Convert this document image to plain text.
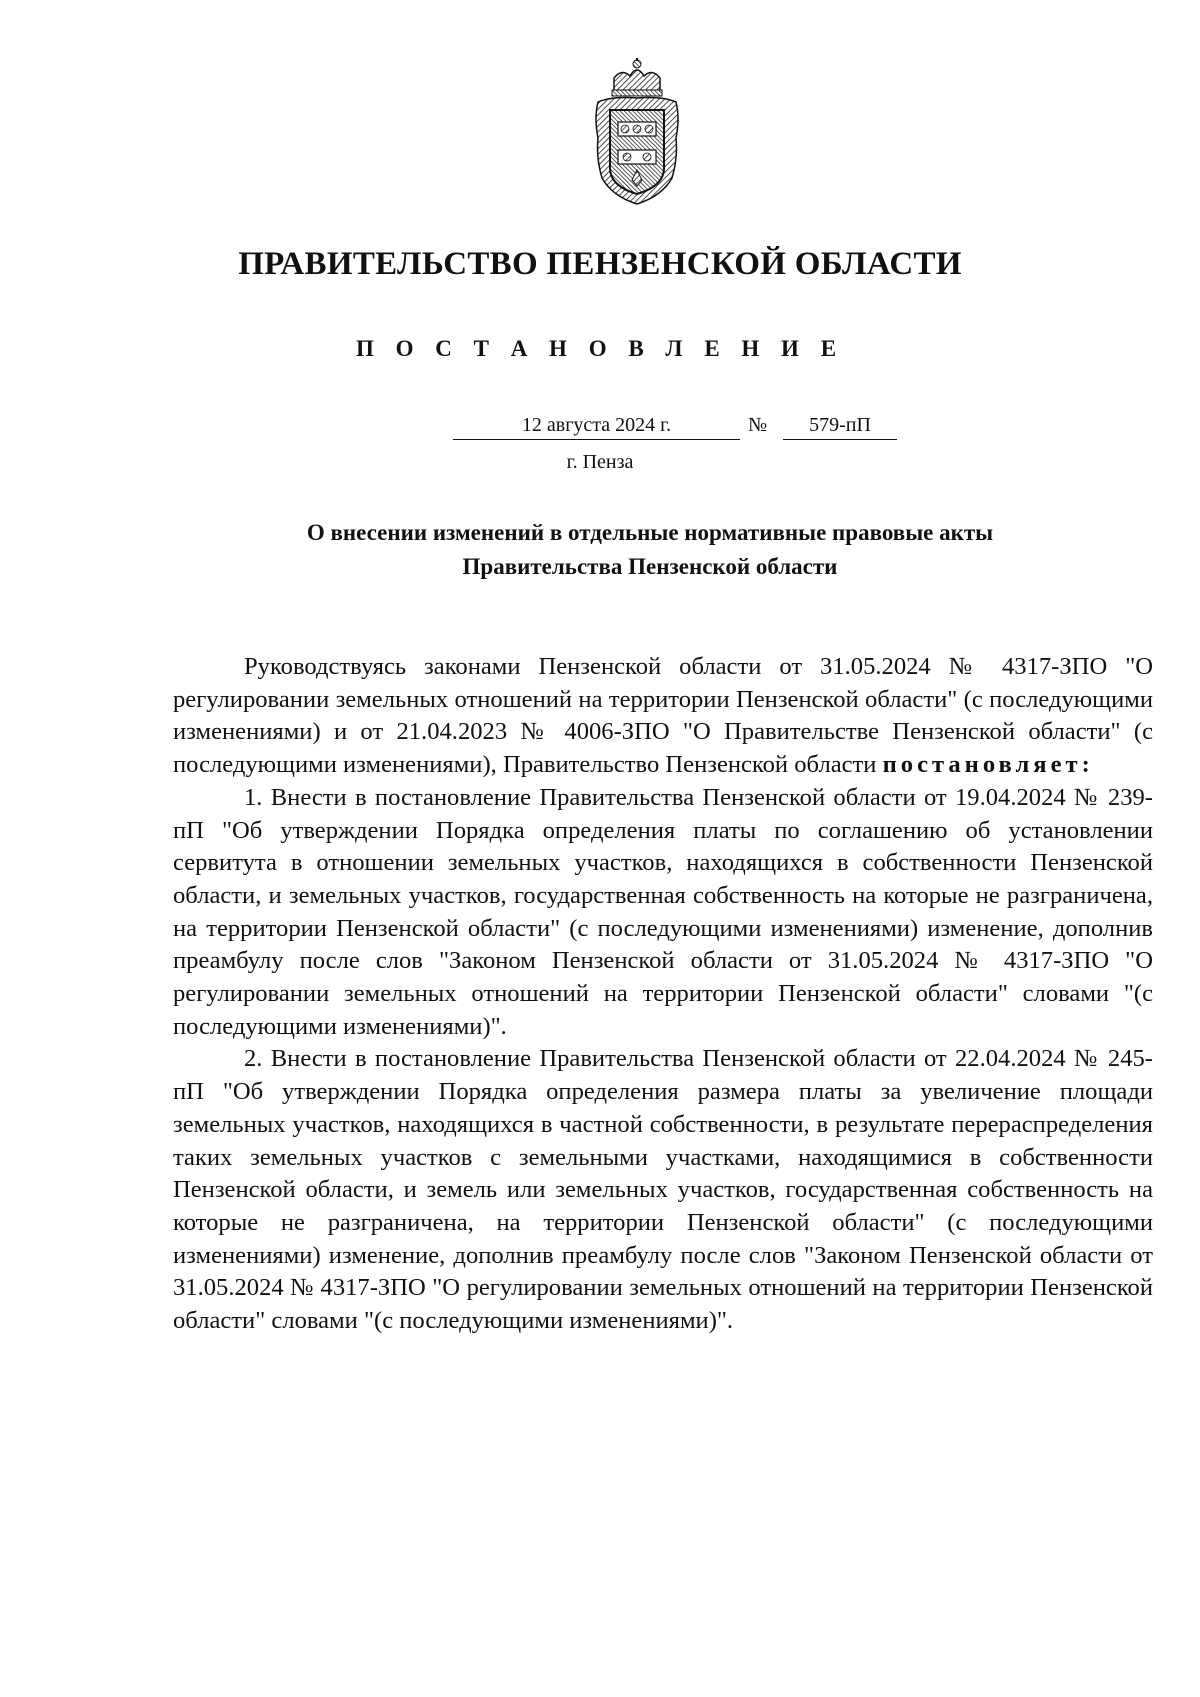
ПРАВИТЕЛЬСТВО ПЕНЗЕНСКОЙ ОБЛАСТИ
П О С Т А Н О В Л Е Н И Е
12 августа 2024 г.	№	579-пП

г. Пенза

О внесении изменений в отдельные нормативные правовые акты
Правительства Пензенской области

Руководствуясь законами Пензенской области от 31.05.2024 № 4317-ЗПО "О регулировании земельных отношений на территории Пензенской области" (с последующими изменениями) и от 21.04.2023 № 4006-ЗПО "О Правительстве Пензенской области" (с последующими изменениями), Правительство Пензенской области постановляет:

1. Внести в постановление Правительства Пензенской области от 19.04.2024 № 239-пП "Об утверждении Порядка определения платы по соглашению об установлении сервитута в отношении земельных участков, находящихся в собственности Пензенской области, и земельных участков, государственная собственность на которые не разграничена, на территории Пензенской области" (с последующими изменениями) изменение, дополнив преамбулу после слов "Законом Пензенской области от 31.05.2024 № 4317-ЗПО "О регулировании земельных отношений на территории Пензенской области" словами "(с последующими изменениями)".

2. Внести в постановление Правительства Пензенской области от 22.04.2024 № 245-пП "Об утверждении Порядка определения размера платы за увеличение площади земельных участков, находящихся в частной собственности, в результате перераспределения таких земельных участков с земельными участками, находящимися в собственности Пензенской области, и земель или земельных участков, государственная собственность на которые не разграничена, на территории Пензенской области" (с последующими изменениями) изменение, дополнив преамбулу после слов "Законом Пензенской области от 31.05.2024 № 4317-ЗПО "О регулировании земельных отношений на территории Пензенской области" словами "(с последующими изменениями)".
